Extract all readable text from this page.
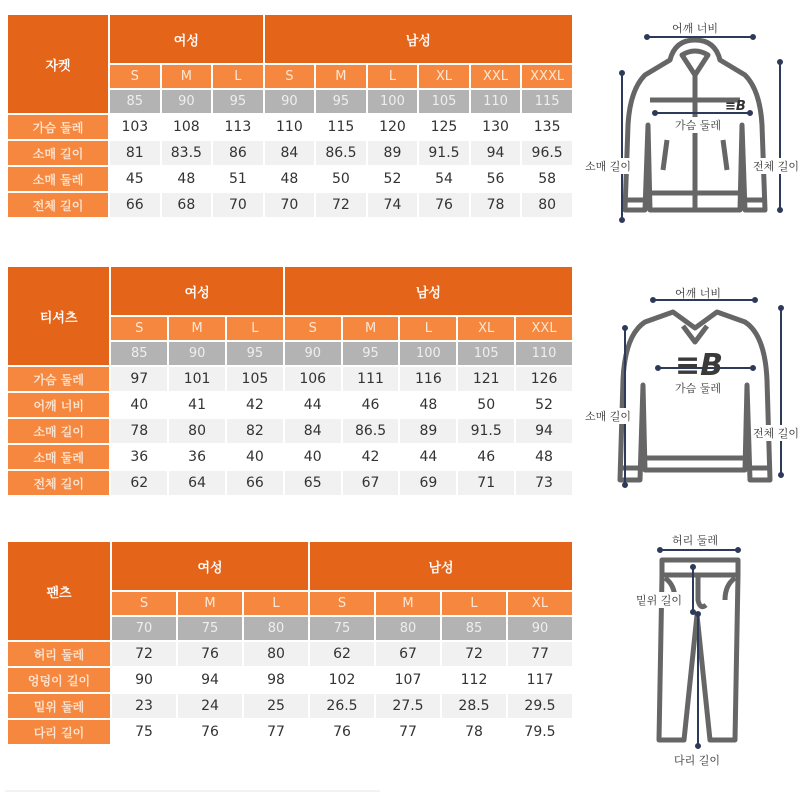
자켓	여성			남성					
	S	M	L	S	M	L	XL	XXL	XXXL
	85	90	95	90	95	100	105	110	115
가슴 둘레	103	108	113	110	115	120	125	130	135
소매 길이	81	83.5	86	84	86.5	89	91.5	94	96.5
소매 둘레	45	48	51	48	50	52	54	56	58
전체 길이	66	68	70	70	72	74	76	78	80
≡B
어깨 너비
가슴 둘레
소매 길이	전체 길이
티셔츠	여성			남성				
	S	M	L	S	M	L	XL	XXL
	85	90	95	90	95	100	105	110
가슴 둘레	97	101	105	106	111	116	121	126
어깨 너비	40	41	42	44	46	48	50	52
소매 길이	78	80	82	84	86.5	89	91.5	94
소매 둘레	36	36	40	40	42	44	46	48
전체 길이	62	64	66	65	67	69	71	73
≡B
어깨 너비
가슴 둘레
소매 길이
전체 길이
팬츠	여성			남성			
	S	M	L	S	M	L	XL
	70	75	80	75	80	85	90
허리 둘레	72	76	80	62	67	72	77
엉덩이 길이	90	94	98	102	107	112	117
밑위 둘레	23	24	25	26.5	27.5	28.5	29.5
다리 길이	75	76	77	76	77	78	79.5
허리 둘레
밑위 길이
다리 길이
